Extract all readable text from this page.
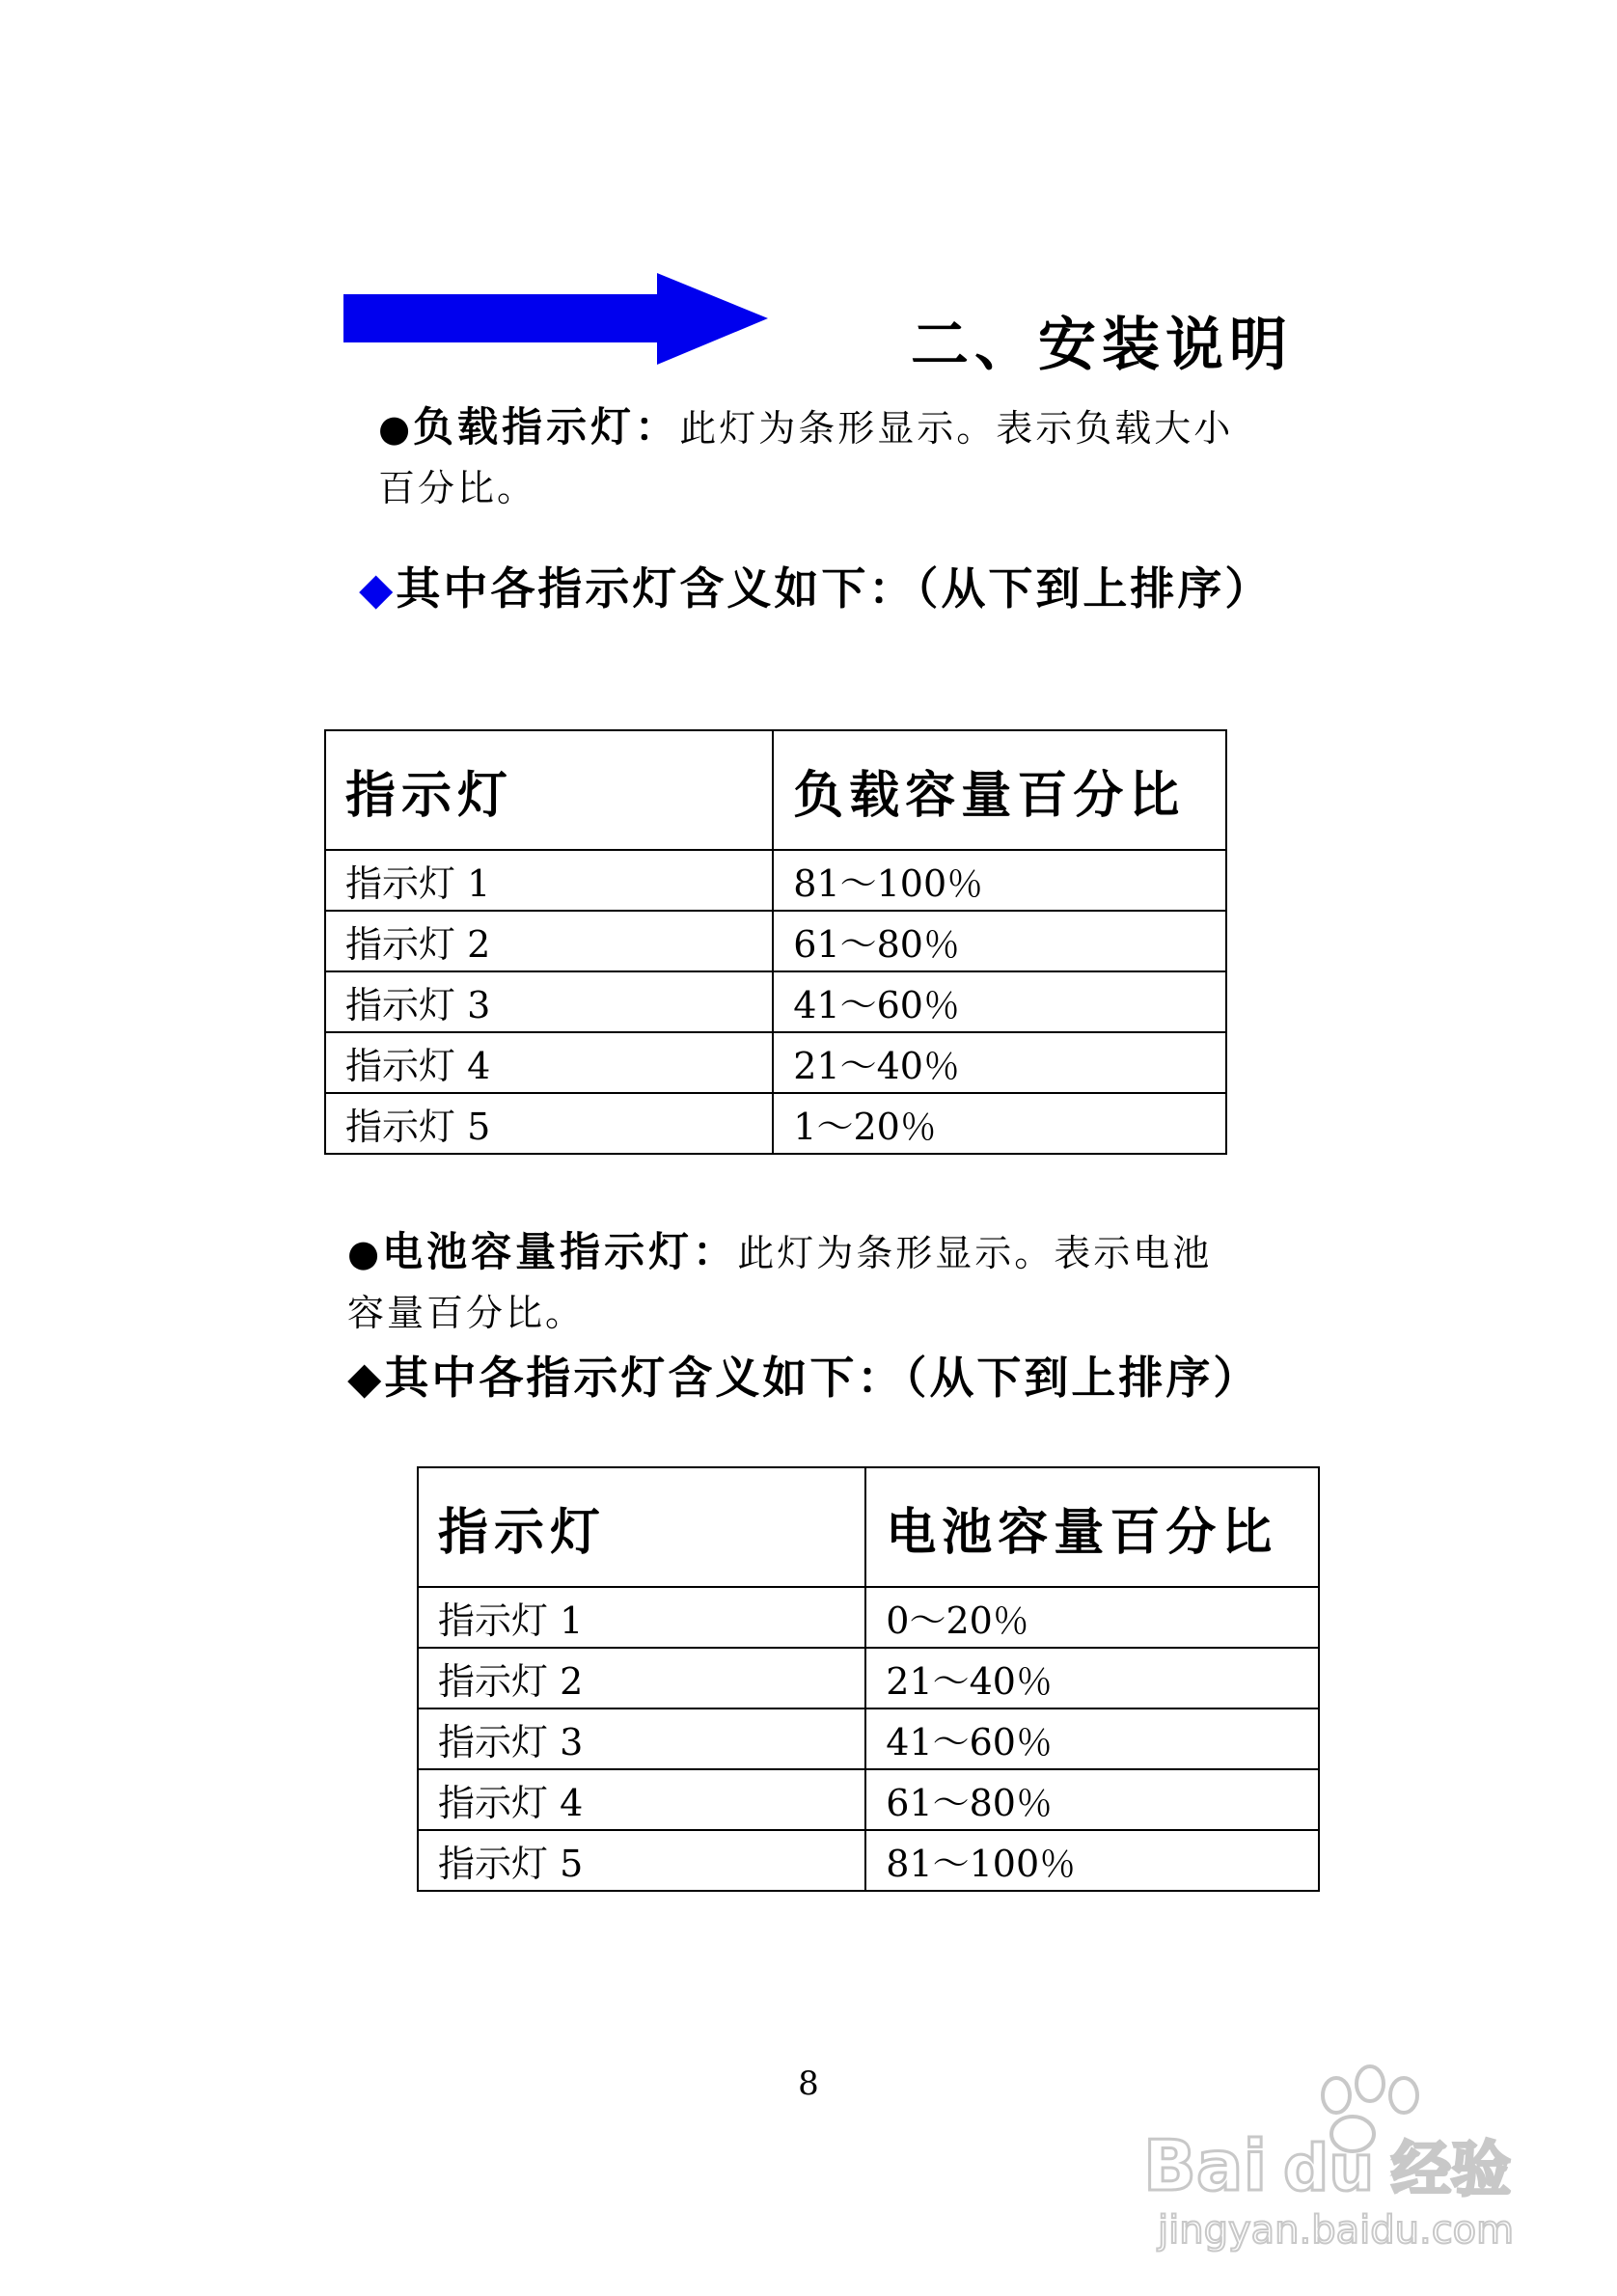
二、安装说明
●负载指示灯：此灯为条形显示。表示负载大小
百分比。
◆其中各指示灯含义如下：（从下到上排序）
指示灯	负载容量百分比
指示灯 1	81～100％
指示灯 2	61～80％
指示灯 3	41～60％
指示灯 4	21～40％
指示灯 5	1～20％
●电池容量指示灯：此灯为条形显示。表示电池
容量百分比。
◆其中各指示灯含义如下：（从下到上排序）
指示灯	电池容量百分比
指示灯 1	0～20％
指示灯 2	21～40％
指示灯 3	41～60％
指示灯 4	61～80％
指示灯 5	81～100％
8
Bai du 经验
jingyan.baidu.com
